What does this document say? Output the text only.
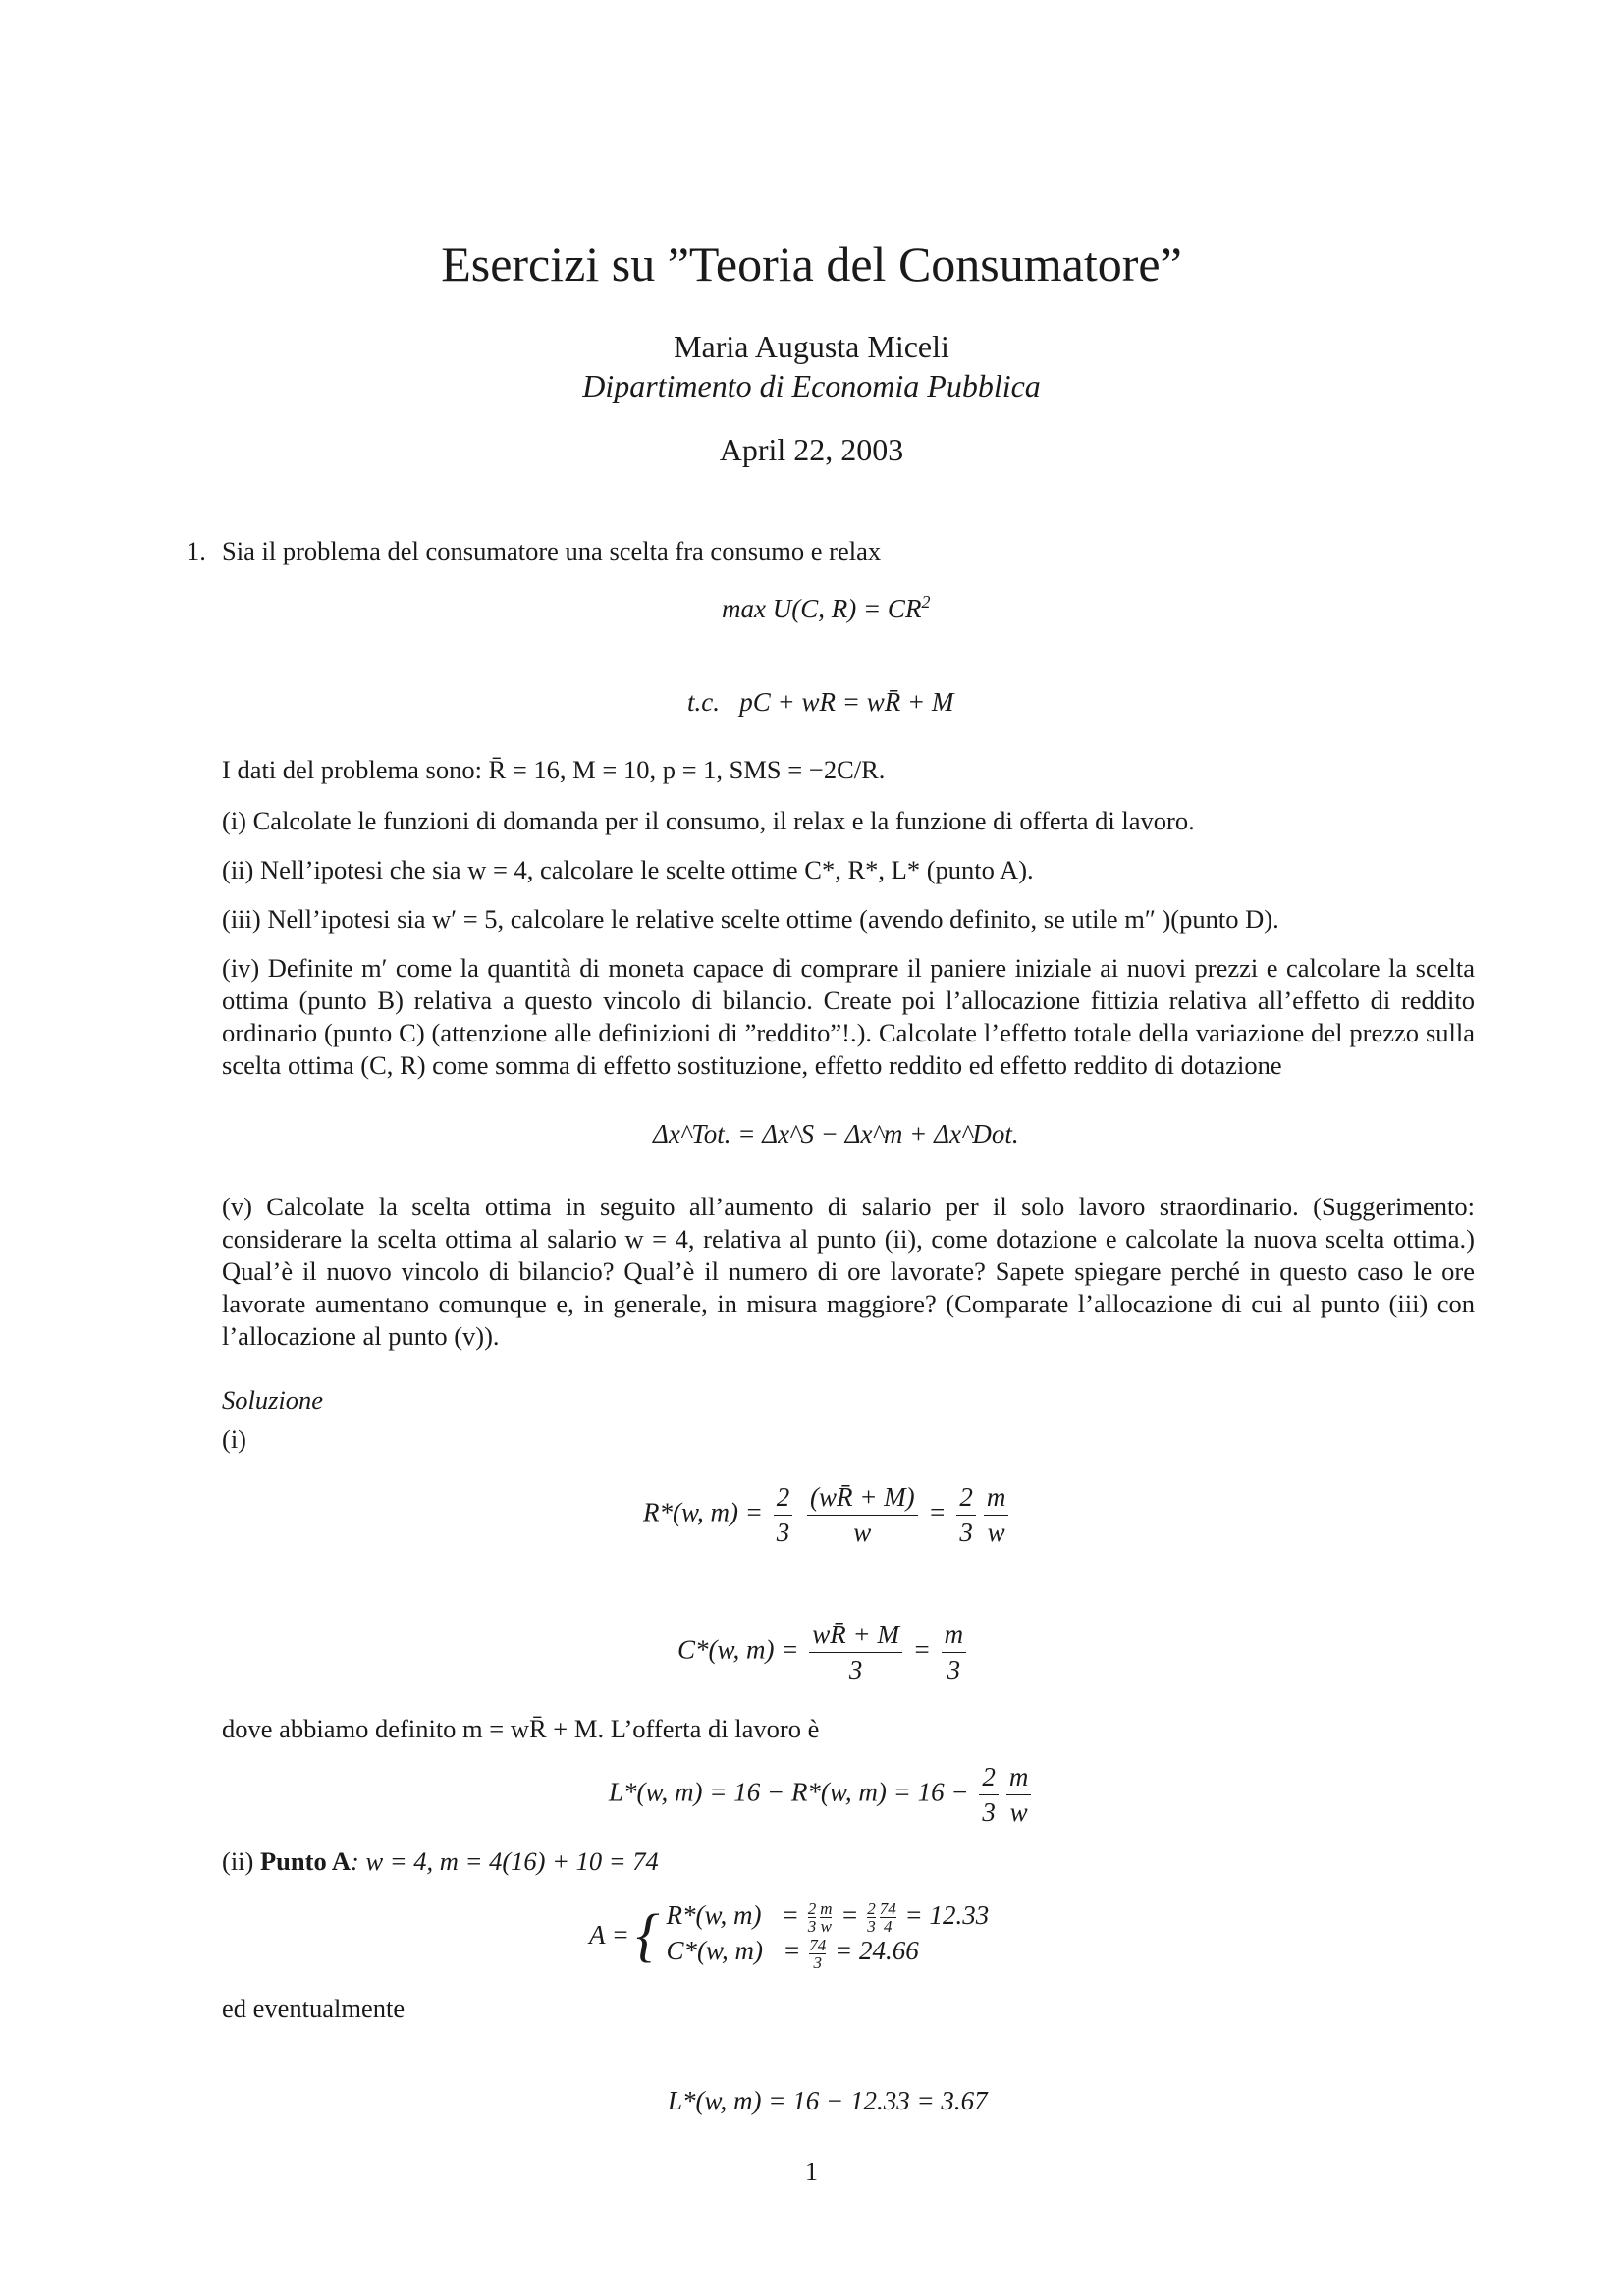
Esercizi su ”Teoria del Consumatore”
Maria Augusta Miceli
Dipartimento di Economia Pubblica
April 22, 2003
1. Sia il problema del consumatore una scelta fra consumo e relax
max U(C, $R) = CR^2$
t.c. pC + wR = wR̄ + M
I dati del problema sono: R̄ = 16, M = 10, p = 1, SMS = −2C/R.
(i) Calcolate le funzioni di domanda per il consumo, il relax e la funzione di offerta di lavoro.
(ii) Nell’ipotesi che sia w = 4, calcolare le scelte ottime C*, R*, L* (punto A).
(iii) Nell’ipotesi sia w′ = 5, calcolare le relative scelte ottime (avendo definito, se utile m″ )(punto D).
(iv) Definite m′ come la quantità di moneta capace di comprare il paniere iniziale ai nuovi prezzi e calcolare la scelta ottima (punto B) relativa a questo vincolo di bilancio. Create poi l’allocazione fittizia relativa all’effetto di reddito ordinario (punto C) (attenzione alle definizioni di ”reddito”!.). Calcolate l’effetto totale della variazione del prezzo sulla scelta ottima (C, R) come somma di effetto sostituzione, effetto reddito ed effetto reddito di dotazione
Δx^Tot. = Δx^S − Δx^m + Δx^Dot.
(v) Calcolate la scelta ottima in seguito all’aumento di salario per il solo lavoro straordinario. (Suggerimento: considerare la scelta ottima al salario w = 4, relativa al punto (ii), come dotazione e calcolate la nuova scelta ottima.) Qual’è il nuovo vincolo di bilancio? Qual’è il numero di ore lavorate? Sapete spiegare perché in questo caso le ore lavorate aumentano comunque e, in generale, in misura maggiore? (Comparate l’allocazione di cui al punto (iii) con l’allocazione al punto (v)).
Soluzione
(i)
R*(w, $m) = \frac{2}{3}$
$\frac{(wR̄ + M)}{w} = \frac{2}{3} \frac{m}{w}$
C*(w, $m) = \frac{wR̄ + M}{3} = \frac{m}{3}$
dove abbiamo definito m = wR̄ + M. L’offerta di lavoro è
L*(w, m) = 16 − R*(w, $m) = 16 - \frac{2}{3} \frac{m}{w}$
(ii) Punto A: w = 4, m = 4(16) + 10 = 74
A = { R*(w, $m) = \frac{2}{3} \frac{m}{w} = \frac{2}{3} \frac{74}{4} = 12.33$
C*(w, $m) = \frac{74}{3} = 24.66$
ed eventualmente
L*(w, m) = 16 − 12.33 = 3.67
1
